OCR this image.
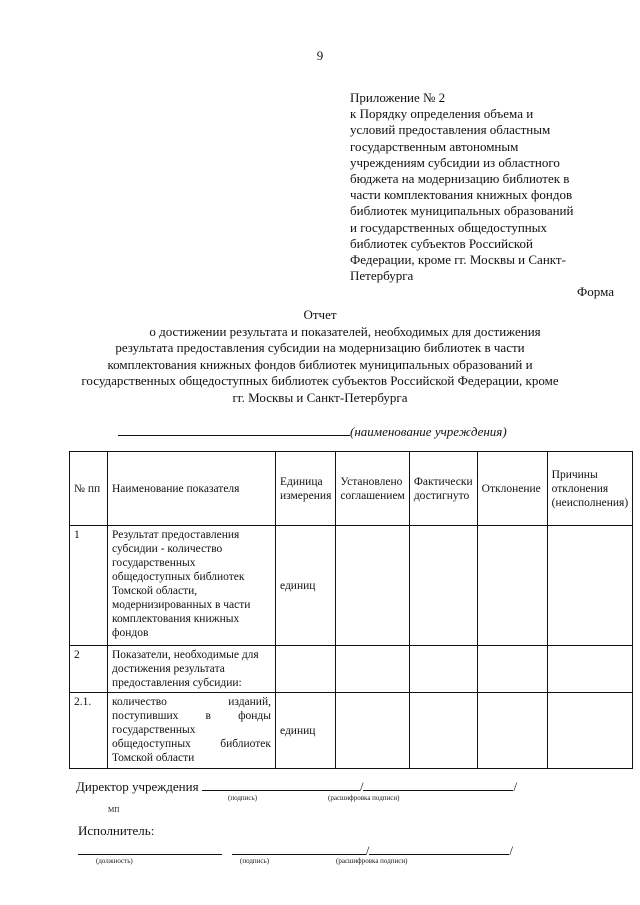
9
Приложение № 2
к Порядку определения объема и
условий предоставления областным
государственным автономным
учреждениям субсидии из областного
бюджета на модернизацию библиотек в
части комплектования книжных фондов
библиотек муниципальных образований
и государственных общедоступных
библиотек субъектов Российской
Федерации, кроме гг. Москвы и Санкт-
Петербурга
Форма
Отчет
о достижении результата и показателей, необходимых для достижения
результата предоставления субсидии на модернизацию библиотек в части
комплектования книжных фондов библиотек муниципальных образований и
государственных общедоступных библиотек субъектов Российской Федерации, кроме
гг. Москвы и Санкт-Петербурга
(наименование учреждения)
№ пп	Наименование показателя	Единица измерения	Установлено соглашением	Фактически достигнуто	Отклонение	Причины отклонения (неисполнения)
1	Результат предоставления субсидии - количество государственных общедоступных библиотек Томской области, модернизированных в части комплектования книжных фондов	единиц				
2	Показатели, необходимые для достижения результата предоставления субсидии:					
2.1.	количество изданий, поступивших в фонды государственных общедоступных библиотек Томской области	единиц				
Директор учреждения	/	/
(подпись)	(расшифровка подписи)
МП
Исполнитель:
/	/
(должность)	(подпись)	(расшифровка подписи)
